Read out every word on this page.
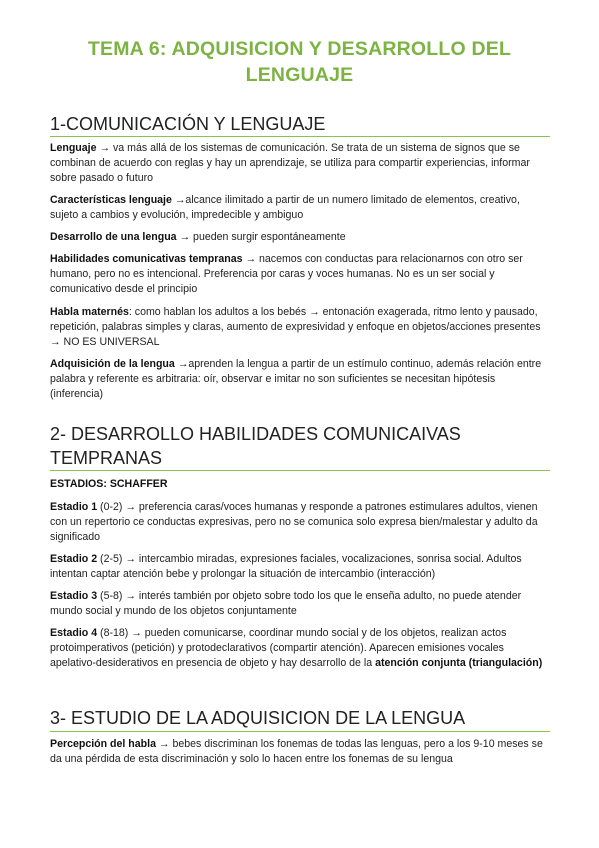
TEMA 6: ADQUISICION Y DESARROLLO DEL LENGUAJE
1-COMUNICACIÓN Y LENGUAJE

Lenguaje → va más allá de los sistemas de comunicación. Se trata de un sistema de signos que se combinan de acuerdo con reglas y hay un aprendizaje, se utiliza para compartir experiencias, informar sobre pasado o futuro

Características lenguaje →alcance ilimitado a partir de un numero limitado de elementos, creativo, sujeto a cambios y evolución, impredecible y ambiguo

Desarrollo de una lengua → pueden surgir espontáneamente

Habilidades comunicativas tempranas → nacemos con conductas para relacionarnos con otro ser humano, pero no es intencional. Preferencia por caras y voces humanas. No es un ser social y comunicativo desde el principio

Habla maternés: como hablan los adultos a los bebés → entonación exagerada, ritmo lento y pausado, repetición, palabras simples y claras, aumento de expresividad y enfoque en objetos/acciones presentes → NO ES UNIVERSAL

Adquisición de la lengua →aprenden la lengua a partir de un estímulo continuo, además relación entre palabra y referente es arbitraria: oír, observar e imitar no son suficientes se necesitan hipótesis (inferencia)

2- DESARROLLO HABILIDADES COMUNICAIVAS TEMPRANAS

ESTADIOS: SCHAFFER

Estadio 1 (0-2) → preferencia caras/voces humanas y responde a patrones estimulares adultos, vienen con un repertorio ce conductas expresivas, pero no se comunica solo expresa bien/malestar y adulto da significado

Estadio 2 (2-5) → intercambio miradas, expresiones faciales, vocalizaciones, sonrisa social. Adultos intentan captar atención bebe y prolongar la situación de intercambio (interacción)

Estadio 3 (5-8) → interés también por objeto sobre todo los que le enseña adulto, no puede atender mundo social y mundo de los objetos conjuntamente

Estadio 4 (8-18) → pueden comunicarse, coordinar mundo social y de los objetos, realizan actos protoimperativos (petición) y protodeclarativos (compartir atención). Aparecen emisiones vocales apelativo-desiderativos en presencia de objeto y hay desarrollo de la atención conjunta (triangulación)

3- ESTUDIO DE LA ADQUISICION DE LA LENGUA

Percepción del habla → bebes discriminan los fonemas de todas las lenguas, pero a los 9-10 meses se da una pérdida de esta discriminación y solo lo hacen entre los fonemas de su lengua
